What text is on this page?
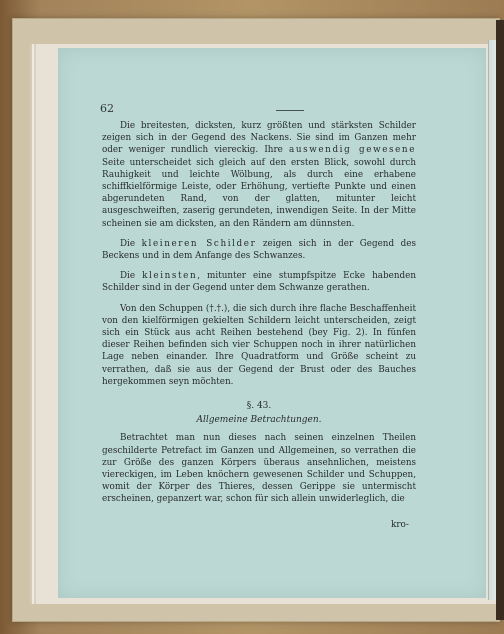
62

Die breitesten, dicksten, kurz größten und stärksten Schilder zeigen sich in der Gegend des Nackens. Sie sind im Ganzen mehr oder weniger rundlich viereckig. Ihre auswendig gewesene Seite unterscheidet sich gleich auf den ersten Blick, sowohl durch Rauhigkeit und leichte Wölbung, als durch eine erhabene schiffkielförmige Leiste, oder Erhöhung, vertiefte Punkte und einen abgerundeten Rand, von der glatten, mitunter leicht ausgeschweiften, zaserig gerundeten, inwendigen Seite. In der Mitte scheinen sie am dicksten, an den Rändern am dünnsten.

Die kleineren Schilder zeigen sich in der Gegend des Beckens und in dem Anfange des Schwanzes.

Die kleinsten, mitunter eine stumpfspitze Ecke habenden Schilder sind in der Gegend unter dem Schwanze gerathen.

Von den Schuppen (†.†.), die sich durch ihre flache Beschaffenheit von den kielförmigen gekielten Schildern leicht unterscheiden, zeigt sich ein Stück aus acht Reihen bestehend (bey Fig. 2). In fünfen dieser Reihen befinden sich vier Schuppen noch in ihrer natürlichen Lage neben einander. Ihre Quadratform und Größe scheint zu verrathen, daß sie aus der Gegend der Brust oder des Bauches hergekommen seyn möchten.

§. 43.
Allgemeine Betrachtungen.

Betrachtet man nun dieses nach seinen einzelnen Theilen geschilderte Petrefact im Ganzen und Allgemeinen, so verrathen die zur Größe des ganzen Körpers überaus ansehnlichen, meistens viereckigen, im Leben knöchern gewesenen Schilder und Schuppen, womit der Körper des Thieres, dessen Gerippe sie untermischt erscheinen, gepanzert war, schon für sich allein unwiderleglich, die

kro-
